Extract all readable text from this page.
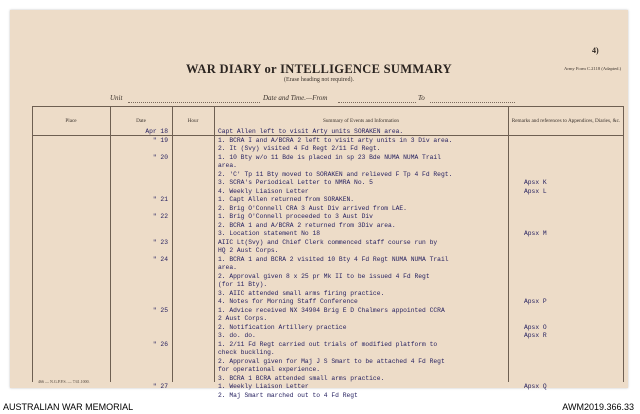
4)
WAR DIARY or INTELLIGENCE SUMMARY
(Erase heading not required).
Army Form C.2118 (Adapted.)
Unit	Date and Time.—From	To
Place	Date	Hour	Summary of Events and Information	Remarks and references to Appendices, Diaries, &c.
Apr 18	Capt Allen left to visit Arty units SORAKEN area.
" 19	1. BCRA I and A/BCRA 2 left to visit arty units in 3 Div area.
2. It (Svy) visited 4 Fd Regt 2/11 Fd Regt.
" 20	1. 10 Bty w/o 11 Bde is placed in sp 23 Bde NUMA NUMA Trail
area.
2. 'C' Tp 11 Bty moved to SORAKEN and relieved F Tp 4 Fd Regt.
3. SCRA's Periodical Letter to NMRA No. 5	Apsx K
4. Weekly Liaison Letter	Apsx L
" 21	1. Capt Allen returned from SORAKEN.
2. Brig O'Connell CRA 3 Aust Div arrived from LAE.
" 22	1. Brig O'Connell proceeded to 3 Aust Div
2. BCRA 1 and A/BCRA 2 returned from 3Div area.
3. Location statement No 18	Apsx M
" 23	AIIC Lt(Svy) and Chief Clerk commenced staff course run by
HQ 2 Aust Corps.
" 24	1. BCRA 1 and BCRA 2 visited 10 Bty 4 Fd Regt NUMA NUMA Trail
area.
2. Approval given 8 x 25 pr Mk II to be issued 4 Fd Regt
(for 11 Bty).
3. AIIC attended small arms firing practice.
4. Notes for Morning Staff Conference	Apsx P
" 25	1. Advice received NX 34904 Brig E D Chalmers appointed CCRA
2 Aust Corps.
2. Notification Artillery practice	Apsx O
3. do. do.	Apsx R
" 26	1. 2/11 Fd Regt carried out trials of modified platform to
check buckling.
2. Approval given for Maj J S Smart to be attached 4 Fd Regt
for operational experience.
3. BCRA 1 BCRA attended small arms practice.
" 27	1. Weekly Liaison Letter	Apsx Q
2. Maj Smart marched out to 4 Fd Regt
466 — N.G.P.P.S. — 7/41.1000.
AUSTRALIAN WAR MEMORIAL	AWM2019.366.33
